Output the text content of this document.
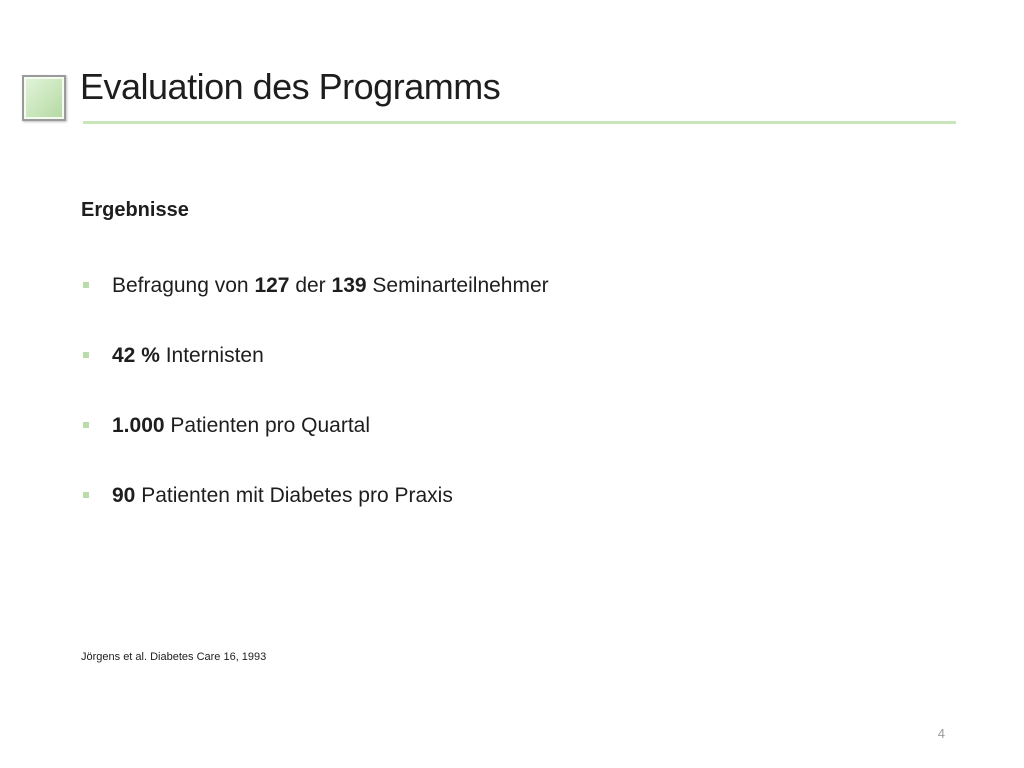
Evaluation des Programms
Ergebnisse
Befragung von 127 der 139 Seminarteilnehmer
42 % Internisten
1.000 Patienten pro Quartal
90 Patienten mit Diabetes pro Praxis

Jörgens et al. Diabetes Care 16, 1993

4
